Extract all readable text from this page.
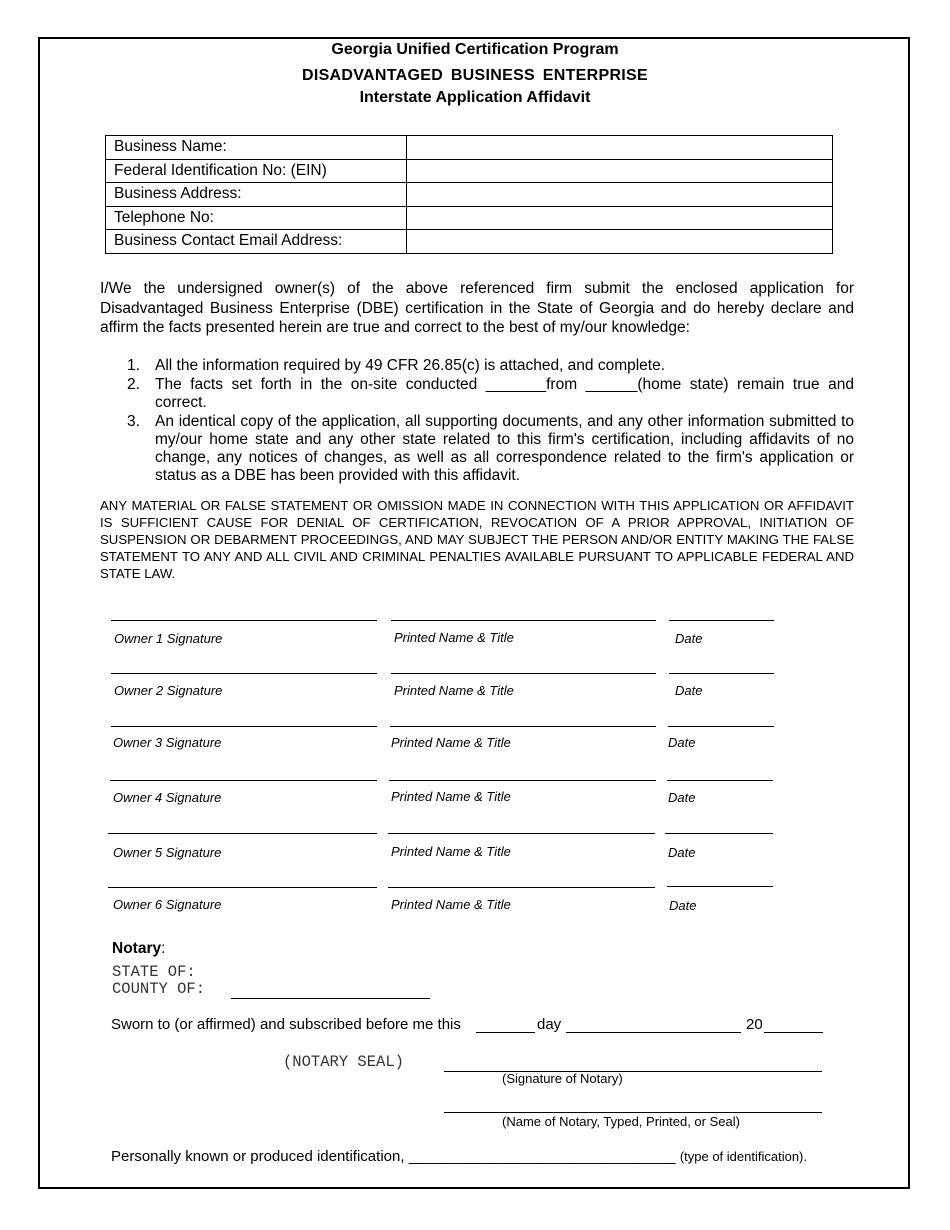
Georgia Unified Certification Program
DISADVANTAGED BUSINESS ENTERPRISE
Interstate Application Affidavit
Business Name:	
Federal Identification No: (EIN)	
Business Address:	
Telephone No:	
Business Contact Email Address:	
I/We the undersigned owner(s) of the above referenced firm submit the enclosed application for Disadvantaged Business Enterprise (DBE) certification in the State of Georgia and do hereby declare and affirm the facts presented herein are true and correct to the best of my/our knowledge:
1. All the information required by 49 CFR 26.85(c) is attached, and complete.
2. The facts set forth in the on-site conducted _______from ______(home state) remain true and correct.
3. An identical copy of the application, all supporting documents, and any other information submitted to my/our home state and any other state related to this firm's certification, including affidavits of no change, any notices of changes, as well as all correspondence related to the firm's application or status as a DBE has been provided with this affidavit.
ANY MATERIAL OR FALSE STATEMENT OR OMISSION MADE IN CONNECTION WITH THIS APPLICATION OR AFFIDAVIT IS SUFFICIENT CAUSE FOR DENIAL OF CERTIFICATION, REVOCATION OF A PRIOR APPROVAL, INITIATION OF SUSPENSION OR DEBARMENT PROCEEDINGS, AND MAY SUBJECT THE PERSON AND/OR ENTITY MAKING THE FALSE STATEMENT TO ANY AND ALL CIVIL AND CRIMINAL PENALTIES AVAILABLE PURSUANT TO APPLICABLE FEDERAL AND STATE LAW.
Owner 1 Signature	Printed Name & Title	Date
Owner 2 Signature	Printed Name & Title	Date
Owner 3 Signature	Printed Name & Title	Date
Owner 4 Signature	Printed Name & Title	Date
Owner 5 Signature	Printed Name & Title	Date
Owner 6 Signature	Printed Name & Title	Date
Notary:
STATE OF:
COUNTY OF:
Sworn to (or affirmed) and subscribed before me this	day	20
(NOTARY SEAL)
(Signature of Notary)
(Name of Notary, Typed, Printed, or Seal)
Personally known or produced identification, ________________________________ (type of identification).
